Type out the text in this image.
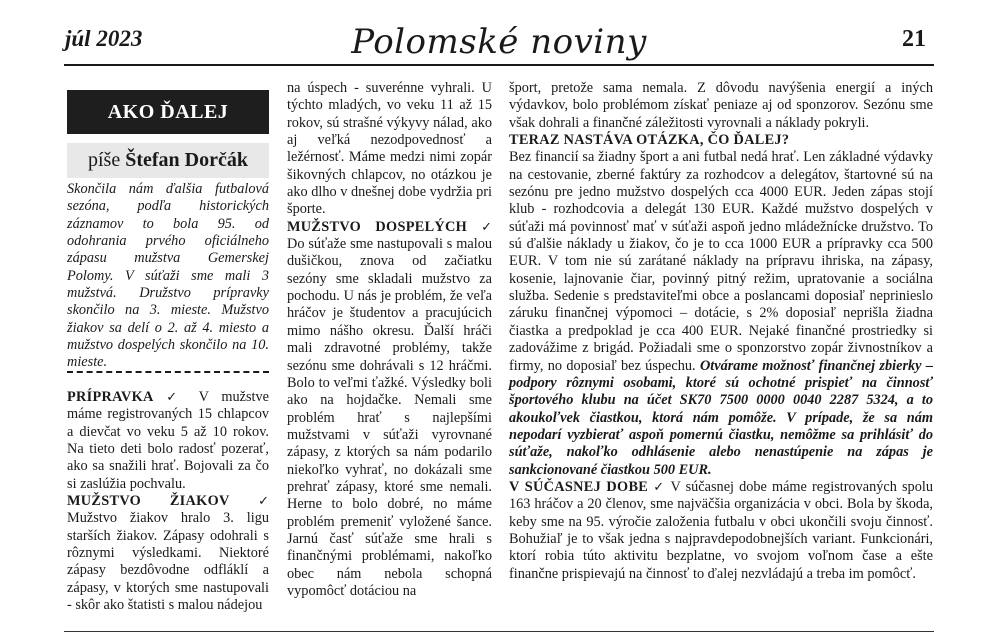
júl 2023	Polomské noviny	21
AKO ĎALEJ
píše Štefan Dorčák
Skončila nám ďalšia futbalová sezóna, podľa historických záznamov to bola 95. od odohrania prvého oficiálneho zápasu mužstva Gemerskej Polomy. V súťaži sme mali 3 mužstvá. Družstvo prípravky skončilo na 3. mieste. Mužstvo žiakov sa delí o 2. až 4. miesto a mužstvo dospelých skončilo na 10. mieste.

PRÍPRAVKA ✓ V mužstve máme registrovaných 15 chlapcov a dievčat vo veku 5 až 10 rokov. Na tieto deti bolo radosť pozerať, ako sa snažili hrať. Bojovali za čo si zaslúžia pochvalu.

MUŽSTVO ŽIAKOV ✓ Mužstvo žiakov hralo 3. ligu starších žiakov. Zápasy odohrali s rôznymi výsledkami. Niektoré zápasy bezdôvodne odfláklí a zápasy, v ktorých sme nastupovali - skôr ako štatisti s malou nádejou

na úspech - suverénne vyhrali. U týchto mladých, vo veku 11 až 15 rokov, sú strašné výkyvy nálad, ako aj veľká nezodpovednosť a ležérnosť. Máme medzi nimi zopár šikovných chlapcov, no otázkou je ako dlho v dnešnej dobe vydržia pri športe.

MUŽSTVO DOSPELÝCH ✓ Do súťaže sme nastupovali s malou dušičkou, znova od začiatku sezóny sme skladali mužstvo za pochodu. U nás je problém, že veľa hráčov je študentov a pracujúcich mimo nášho okresu. Ďalší hráči mali zdravotné problémy, takže sezónu sme dohrávali s 12 hráčmi. Bolo to veľmi ťažké. Výsledky boli ako na hojdačke. Nemali sme problém hrať s najlepšími mužstvami v súťaži vyrovnané zápasy, z ktorých sa nám podarilo niekoľko vyhrať, no dokázali sme prehrať zápasy, ktoré sme nemali. Herne to bolo dobré, no máme problém premeniť vyložené šance. Jarnú časť súťaže sme hrali s finančnými problémami, nakoľko obec nám nebola schopná vypomôcť dotáciou na

šport, pretože sama nemala. Z dôvodu navýšenia energií a iných výdavkov, bolo problémom získať peniaze aj od sponzorov. Sezónu sme však dohrali a finančné záležitosti vyrovnali a náklady pokryli.

TERAZ NASTÁVA OTÁZKA, ČO ĎALEJ?

Bez financií sa žiadny šport a ani futbal nedá hrať. Len základné výdavky na cestovanie, zberné faktúry za rozhodcov a delegátov, štartovné sú na sezónu pre jedno mužstvo dospelých cca 4000 EUR. Jeden zápas stojí klub - rozhodcovia a delegát 130 EUR. Každé mužstvo dospelých v súťaži má povinnosť mať v súťaži aspoň jedno mládežnícke družstvo. To sú ďalšie náklady u žiakov, čo je to cca 1000 EUR a prípravky cca 500 EUR. V tom nie sú zarátané náklady na prípravu ihriska, na zápasy, kosenie, lajnovanie čiar, povinný pitný režim, upratovanie a sociálna služba. Sedenie s predstaviteľmi obce a poslancami doposiaľ neprinieslo záruku finančnej výpomoci – dotácie, s 2% doposiaľ neprišla žiadna čiastka a predpoklad je cca 400 EUR. Nejaké finančné prostriedky si zadovážime z brigád. Požiadali sme o sponzorstvo zopár živnostníkov a firmy, no doposiaľ bez úspechu. Otvárame možnosť finančnej zbierky – podpory rôznymi osobami, ktoré sú ochotné prispieť na činnosť športového klubu na účet SK70 7500 0000 0040 2287 5324, a to akoukoľvek čiastkou, ktorá nám pomôže. V prípade, že sa nám nepodarí vyzbierať aspoň pomernú čiastku, nemôžme sa prihlásiť do súťaže, nakoľko odhlásenie alebo nenastúpenie na zápas je sankcionované čiastkou 500 EUR.

V SÚČASNEJ DOBE ✓ V súčasnej dobe máme registrovaných spolu 163 hráčov a 20 členov, sme najväčšia organizácia v obci. Bola by škoda, keby sme na 95. výročie založenia futbalu v obci ukončili svoju činnosť. Bohužiaľ je to však jedna s najpravdepodobnejších variant. Funkcionári, ktorí robia túto aktivitu bezplatne, vo svojom voľnom čase a ešte finančne prispievajú na činnosť to ďalej nezvládajú a treba im pomôcť.
